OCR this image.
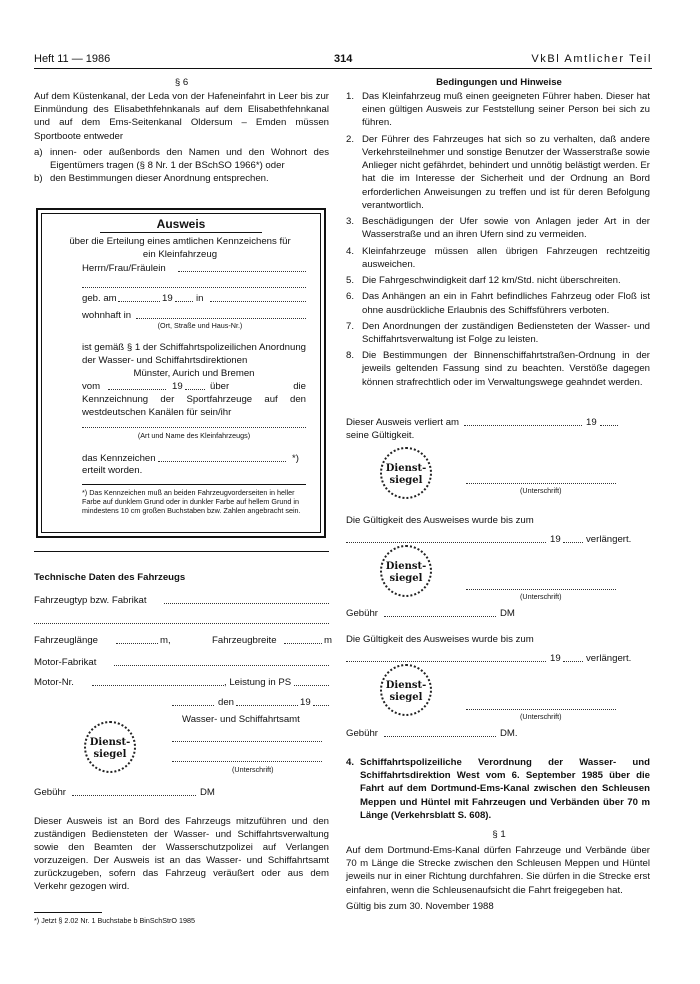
Heft 11 — 1986	314	VkBl Amtlicher Teil
§ 6
Auf dem Küstenkanal, der Leda von der Hafeneinfahrt in Leer bis zur Einmündung des Elisabethfehnkanals auf dem Elisabethfehnkanal und auf dem Ems-Seitenkanal Oldersum – Emden müssen Sportboote entweder
a) innen- oder außenbords den Namen und den Wohnort des Eigentümers tragen (§ 8 Nr. 1 der BSchSO 1966*) oder
b) den Bestimmungen dieser Anordnung entsprechen.
Ausweis
über die Erteilung eines amtlichen Kennzeichens für ein Kleinfahrzeug
Herrn/Frau/Fräulein
geb. am	19 in
wohnhaft in
(Ort, Straße und Haus-Nr.)
ist gemäß § 1 der Schiffahrtspolizeilichen Anordnung der Wasser- und Schiffahrtsdirektionen
Münster, Aurich und Bremen
vom	19	über die Kennzeichnung der Sportfahrzeuge auf den westdeutschen Kanälen für sein/ihr
(Art und Name des Kleinfahrzeugs)
das Kennzeichen	*)
erteilt worden.
*) Das Kennzeichen muß an beiden Fahrzeugvorderseiten in heller Farbe auf dunklem Grund oder in dunkler Farbe auf hellem Grund in mindestens 10 cm großen Buchstaben bzw. Zahlen angebracht sein.
Technische Daten des Fahrzeugs
Fahrzeugtyp bzw. Fabrikat
Fahrzeuglänge	m,	Fahrzeugbreite	m
Motor-Fabrikat
Motor-Nr.	, Leistung in PS
den	19
Wasser- und Schiffahrtsamt
Dienst-
siegel
(Unterschrift)
Gebühr	DM
Dieser Ausweis ist an Bord des Fahrzeugs mitzuführen und den zuständigen Bediensteten der Wasser- und Schiffahrtsverwaltung sowie den Beamten der Wasserschutzpolizei auf Verlangen vorzuzeigen. Der Ausweis ist an das Wasser- und Schiffahrtsamt zurückzugeben, sofern das Fahrzeug veräußert oder aus dem Verkehr gezogen wird.
*) Jetzt § 2.02 Nr. 1 Buchstabe b BinSchStrO 1985
Bedingungen und Hinweise
1. Das Kleinfahrzeug muß einen geeigneten Führer haben. Dieser hat einen gültigen Ausweis zur Feststellung seiner Person bei sich zu führen.
2. Der Führer des Fahrzeuges hat sich so zu verhalten, daß andere Verkehrsteilnehmer und sonstige Benutzer der Wasserstraße sowie Anlieger nicht gefährdet, behindert und unnötig belästigt werden. Er hat die im Interesse der Sicherheit und der Ordnung an Bord erforderlichen Anweisungen zu treffen und ist für deren Befolgung verantwortlich.
3. Beschädigungen der Ufer sowie von Anlagen jeder Art in der Wasserstraße und an ihren Ufern sind zu vermeiden.
4. Kleinfahrzeuge müssen allen übrigen Fahrzeugen rechtzeitig ausweichen.
5. Die Fahrgeschwindigkeit darf 12 km/Std. nicht überschreiten.
6. Das Anhängen an ein in Fahrt befindliches Fahrzeug oder Floß ist ohne ausdrückliche Erlaubnis des Schiffsführers verboten.
7. Den Anordnungen der zuständigen Bediensteten der Wasser- und Schiffahrtsverwaltung ist Folge zu leisten.
8. Die Bestimmungen der Binnenschiffahrtstraßen-Ordnung in der jeweils geltenden Fassung sind zu beachten. Verstöße dagegen können strafrechtlich oder im Verwaltungswege geahndet werden.
Dieser Ausweis verliert am	19
seine Gültigkeit.
Dienst-
siegel
(Unterschrift)
Die Gültigkeit des Ausweises wurde bis zum
19	verlängert.
Dienst-
siegel
(Unterschrift)
Gebühr	DM
Die Gültigkeit des Ausweises wurde bis zum
19	verlängert.
Dienst-
siegel
(Unterschrift)
Gebühr	DM.
4. Schiffahrtspolizeiliche Verordnung der Wasser- und Schiffahrtsdirektion West vom 6. September 1985 über die Fahrt auf dem Dortmund-Ems-Kanal zwischen den Schleusen Meppen und Hüntel mit Fahrzeugen und Verbänden über 70 m Länge (Verkehrsblatt S. 608).
§ 1
Auf dem Dortmund-Ems-Kanal dürfen Fahrzeuge und Verbände über 70 m Länge die Strecke zwischen den Schleusen Meppen und Hüntel jeweils nur in einer Richtung durchfahren. Sie dürfen in die Strecke erst einfahren, wenn die Schleusenaufsicht die Fahrt freigegeben hat.
Gültig bis zum 30. November 1988
